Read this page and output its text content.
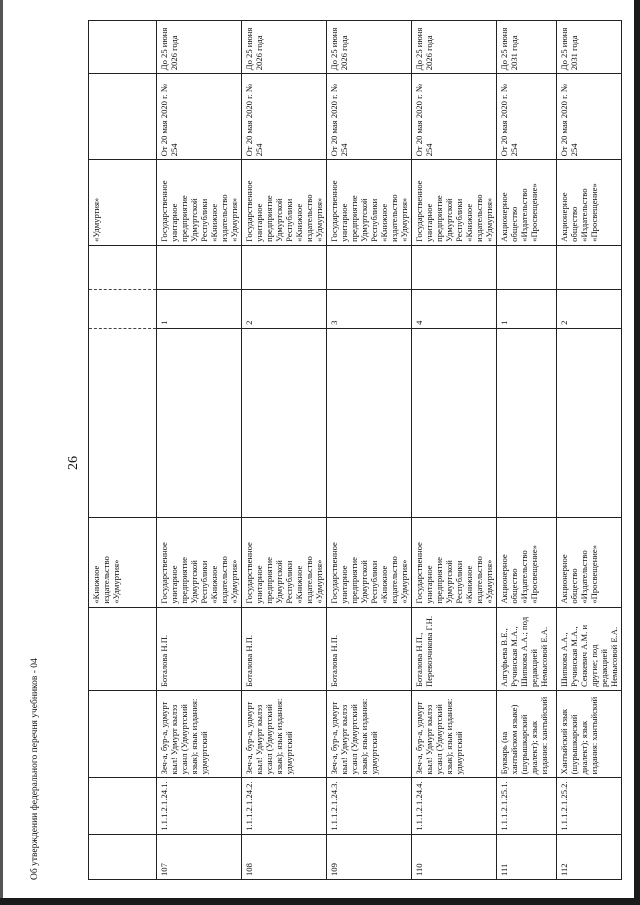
26
				«Книжное издательство «Удмуртия»				«Удмуртия»		
107	1.1.1.2.1.24.1.	Зеч-а, бур-а, удмурт кыл! Удмурт кылэз усанл (Удмуртский язык); язык издания: удмуртский	Боталова Н.П.	Государственное унитарное предприятие Удмуртской Республики «Книжное издательство «Удмуртия»		1		Государственное унитарное предприятие Удмуртской Республики «Книжное издательство «Удмуртия»	От 20 мая 2020 г. № 254	До 25 июня 2026 года
108	1.1.1.2.1.24.2.	Зеч-а, бур-а, удмурт кыл! Удмурт кылэз усанл (Удмуртский язык); язык издания: удмуртский	Боталова Н.П.	Государственное унитарное предприятие Удмуртской Республики «Книжное издательство «Удмуртия»		2		Государственное унитарное предприятие Удмуртской Республики «Книжное издательство «Удмуртия»	От 20 мая 2020 г. № 254	До 25 июня 2026 года
109	1.1.1.2.1.24.3.	Зеч-а, бур-а, удмурт кыл! Удмурт кылэз усанл (Удмуртский язык); язык издания: удмуртский	Боталова Н.П.	Государственное унитарное предприятие Удмуртской Республики «Книжное издательство «Удмуртия»		3		Государственное унитарное предприятие Удмуртской Республики «Книжное издательство «Удмуртия»	От 20 мая 2020 г. № 254	До 25 июня 2026 года
110	1.1.1.2.1.24.4.	Зеч-а, бур-а, удмурт кыл! Удмурт кылэз усанл (Удмуртский язык); язык издания: удмуртский	Боталова Н.П., Перевозчикова Г.Н.	Государственное унитарное предприятие Удмуртской Республики «Книжное издательство «Удмуртия»		4		Государственное унитарное предприятие Удмуртской Республики «Книжное издательство «Удмуртия»	От 20 мая 2020 г. № 254	До 25 июня 2026 года
111	1.1.1.2.1.25.1.	Букварь (на хантыйском языке) (шурышкарский диалект); язык издания: хантыйский	Алгуфьева В.Е., Ручинская М.А., Шипкова А.А.; под редакцией Немысовой Е.А.	Акционерное общество «Издательство «Просвещение»		1		Акционерное общество «Издательство «Просвещение»	От 20 мая 2020 г. № 254	До 25 июня 2031 года
112	1.1.1.2.1.25.2.	Хантыйский язык (шурышкарский диалект); язык издания: хантыйский	Шипкова А.А., Ручинская М.А., Сенкевич А.М. и другие; под редакцией Немысовой Е.А.	Акционерное общество «Издательство «Просвещение»		2		Акционерное общество «Издательство «Просвещение»	От 20 мая 2020 г. № 254	До 25 июня 2031 года
Об утверждении федерального перечня учебников - 04
